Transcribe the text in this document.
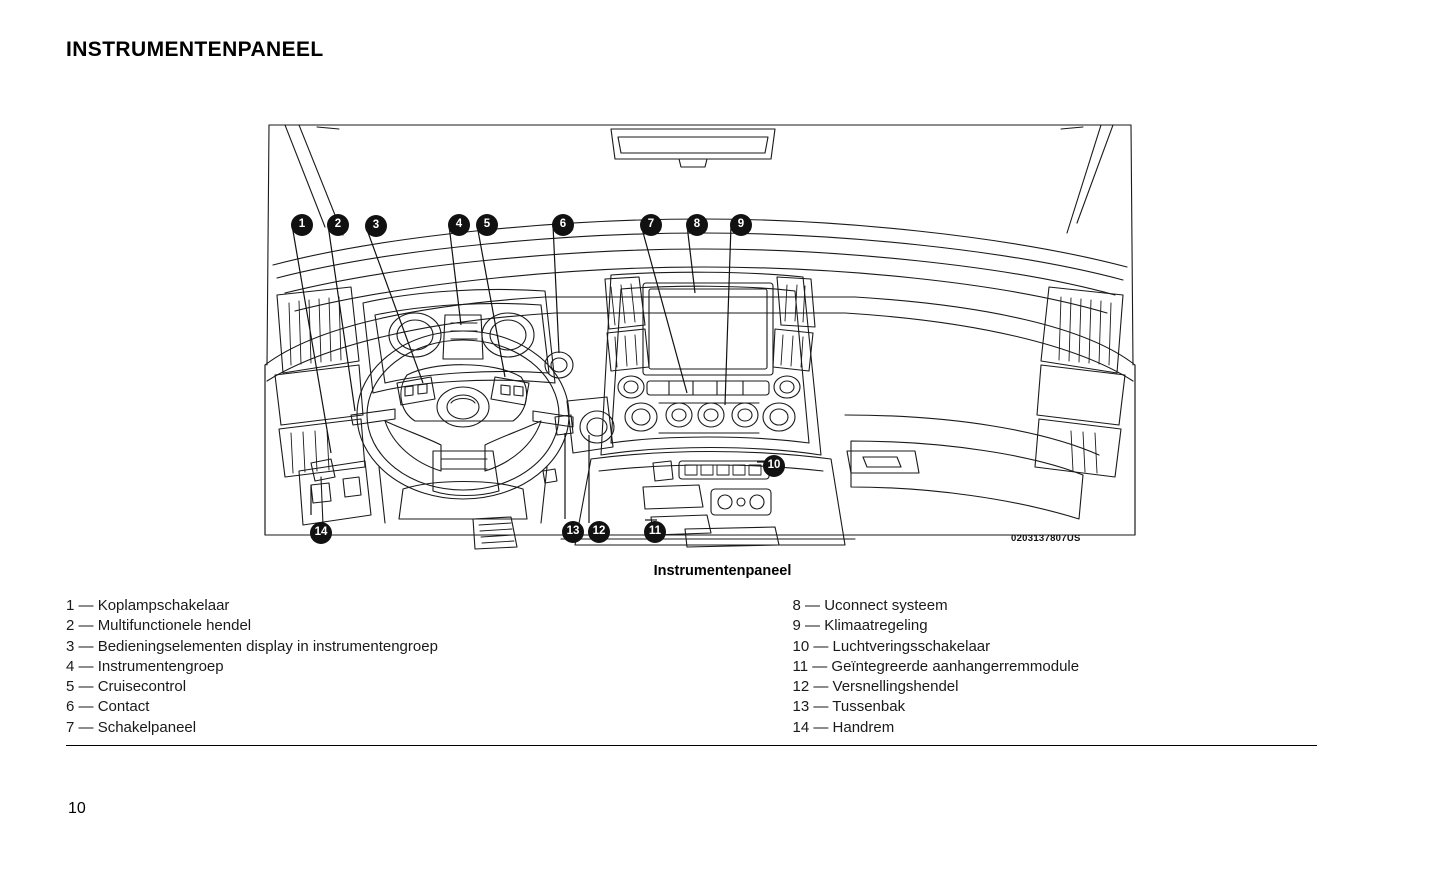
INSTRUMENTENPANEEL
1	2	3	4	5	6	7	8	9
10
11
12
13
14
0203137807US
Instrumentenpaneel
1 — Koplampschakelaar
2 — Multifunctionele hendel
3 — Bedieningselementen display in instrumentengroep
4 — Instrumentengroep
5 — Cruisecontrol
6 — Contact
7 — Schakelpaneel
8 — Uconnect systeem
9 — Klimaatregeling
10 — Luchtveringsschakelaar
11 — Geïntegreerde aanhangerremmodule
12 — Versnellingshendel
13 — Tussenbak
14 — Handrem
10
